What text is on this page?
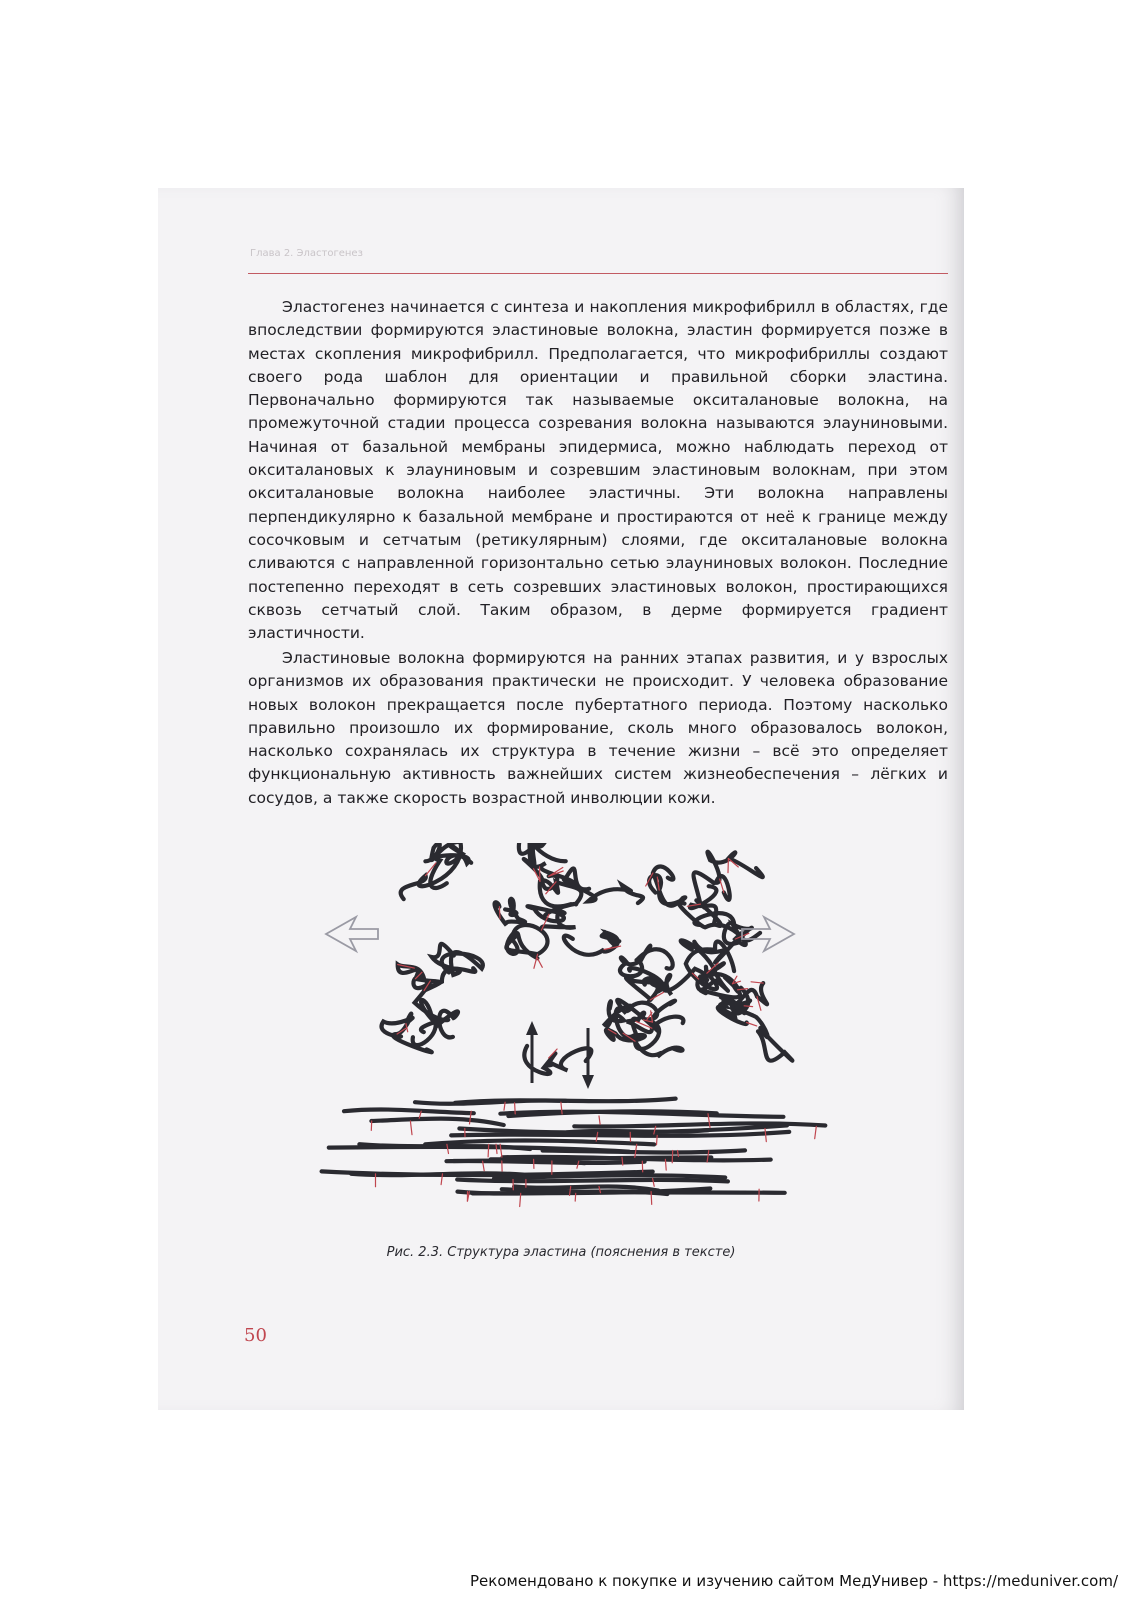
Глава 2. Эластогенез

Эластогенез начинается с синтеза и накопления микрофибрилл в областях, где впоследствии формируются эластиновые волокна, эластин формируется позже в местах скопления микрофибрилл. Предполагается, что микрофибриллы создают своего рода шаблон для ориентации и правильной сборки эластина. Первоначально формируются так называемые окситалановые волокна, на промежуточной стадии процесса созревания волокна называются элауниновыми. Начиная от базальной мембраны эпидермиса, можно наблюдать переход от окситалановых к элауниновым и созревшим эластиновым волокнам, при этом окситалановые волокна наиболее эластичны. Эти волокна направлены перпендикулярно к базальной мембране и простираются от неё к границе между сосочковым и сетчатым (ретикулярным) слоями, где окситалановые волокна сливаются с направленной горизонтально сетью элауниновых волокон. Последние постепенно переходят в сеть созревших эластиновых волокон, простирающихся сквозь сетчатый слой. Таким образом, в дерме формируется градиент эластичности.

Эластиновые волокна формируются на ранних этапах развития, и у взрослых организмов их образования практически не происходит. У человека образование новых волокон прекращается после пубертатного периода. Поэтому насколько правильно произошло их формирование, сколь много образовалось волокон, насколько сохранялась их структура в течение жизни – всё это определяет функциональную активность важнейших систем жизнеобеспечения – лёгких и сосудов, а также скорость возрастной инволюции кожи.

Рис. 2.3. Структура эластина (пояснения в тексте)
50
Рекомендовано к покупке и изучению сайтом МедУнивер - https://meduniver.com/
